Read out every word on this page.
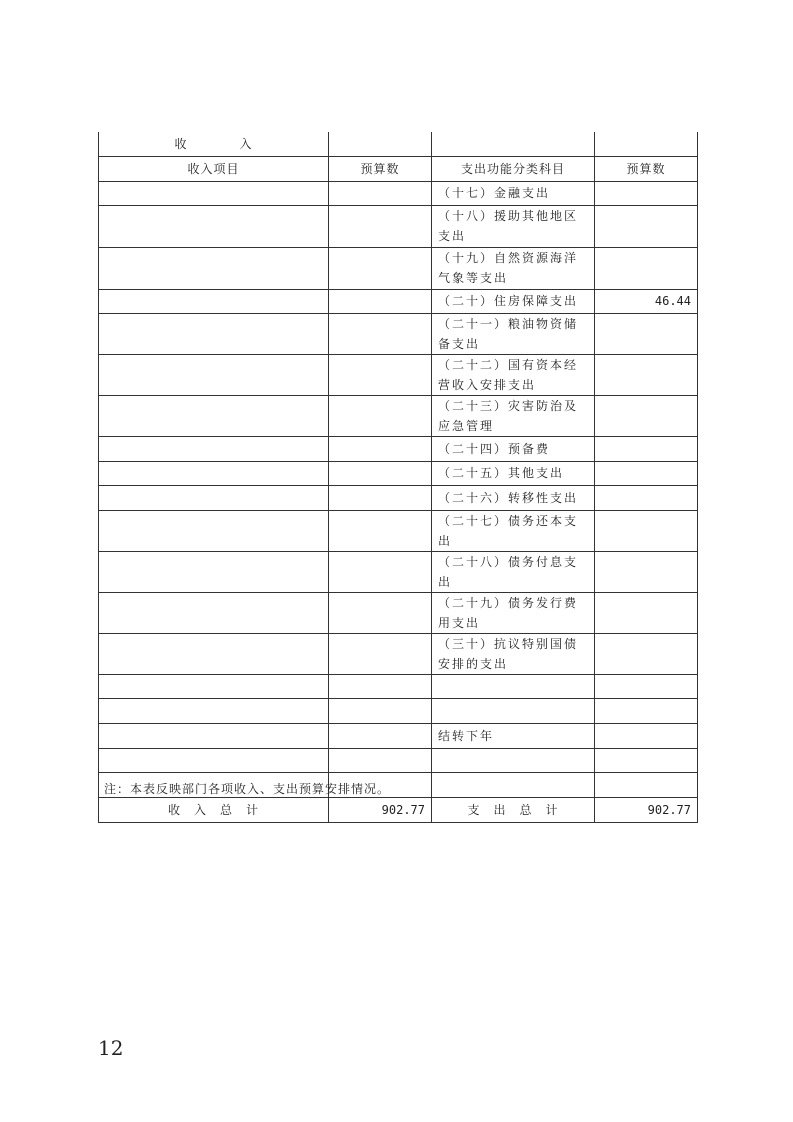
收　　　　入			
收入项目	预算数	支出功能分类科目	预算数
		（十七）金融支出	
		（十八）援助其他地区支出	
		（十九）自然资源海洋气象等支出	
		（二十）住房保障支出	46.44
		（二十一）粮油物资储备支出	
		（二十二）国有资本经营收入安排支出	
		（二十三）灾害防治及应急管理	
		（二十四）预备费	
		（二十五）其他支出	
		（二十六）转移性支出	
		（二十七）债务还本支出	
		（二十八）债务付息支出	
		（二十九）债务发行费用支出	
		（三十）抗议特别国债安排的支出	

		结转下年	

收　入　总　计	902.77	支　出　总　计	902.77
注：本表反映部门各项收入、支出预算安排情况。
12
